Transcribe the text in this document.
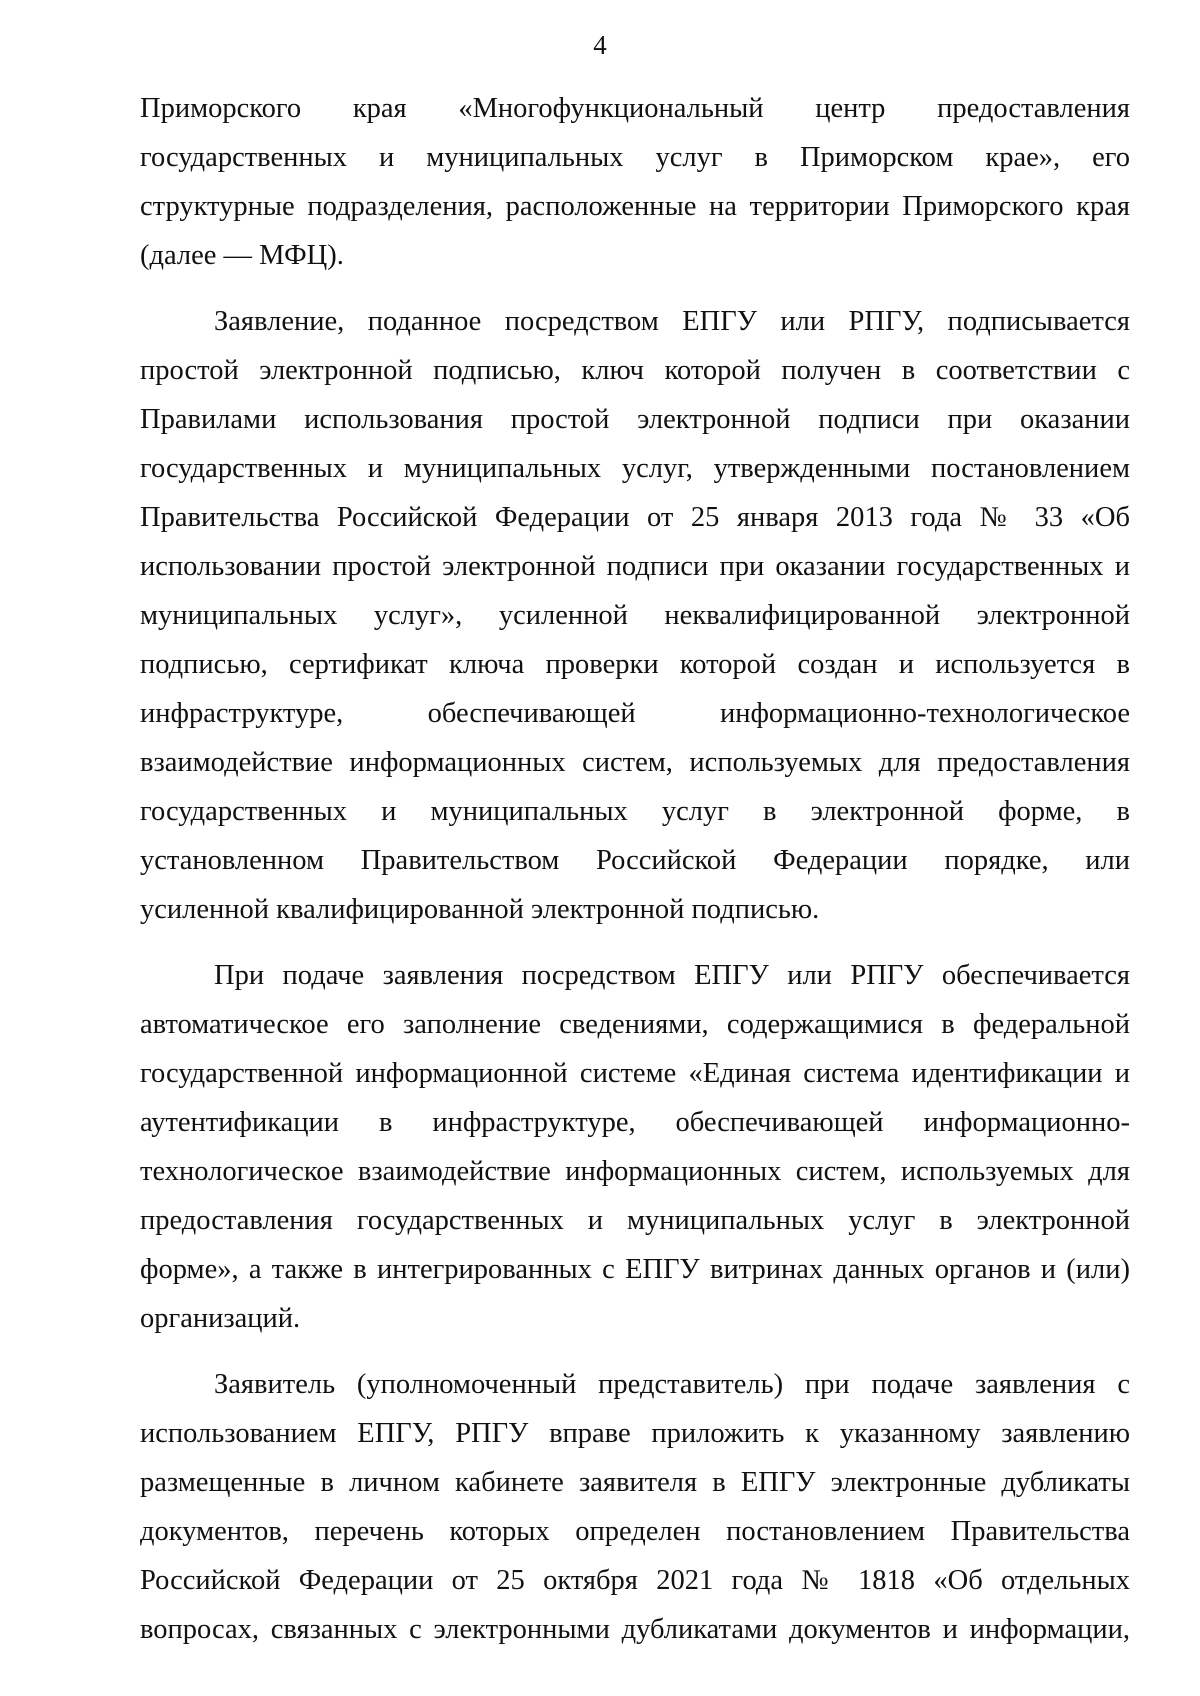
4
Приморского края «Многофункциональный центр предоставления
государственных и муниципальных услуг в Приморском крае», его
структурные подразделения, расположенные на территории Приморского края
(далее — МФЦ).
Заявление, поданное посредством ЕПГУ или РПГУ, подписывается
простой электронной подписью, ключ которой получен в соответствии с
Правилами использования простой электронной подписи при оказании
государственных и муниципальных услуг, утвержденными постановлением
Правительства Российской Федерации от 25 января 2013 года № 33 «Об
использовании простой электронной подписи при оказании государственных и
муниципальных услуг», усиленной неквалифицированной электронной
подписью, сертификат ключа проверки которой создан и используется в
инфраструктуре, обеспечивающей информационно-технологическое
взаимодействие информационных систем, используемых для предоставления
государственных и муниципальных услуг в электронной форме, в
установленном Правительством Российской Федерации порядке, или
усиленной квалифицированной электронной подписью.
При подаче заявления посредством ЕПГУ или РПГУ обеспечивается
автоматическое его заполнение сведениями, содержащимися в федеральной
государственной информационной системе «Единая система идентификации и
аутентификации в инфраструктуре, обеспечивающей информационно-
технологическое взаимодействие информационных систем, используемых для
предоставления государственных и муниципальных услуг в электронной
форме», а также в интегрированных с ЕПГУ витринах данных органов и (или)
организаций.
Заявитель (уполномоченный представитель) при подаче заявления с
использованием ЕПГУ, РПГУ вправе приложить к указанному заявлению
размещенные в личном кабинете заявителя в ЕПГУ электронные дубликаты
документов, перечень которых определен постановлением Правительства
Российской Федерации от 25 октября 2021 года № 1818 «Об отдельных
вопросах, связанных с электронными дубликатами документов и информации,
